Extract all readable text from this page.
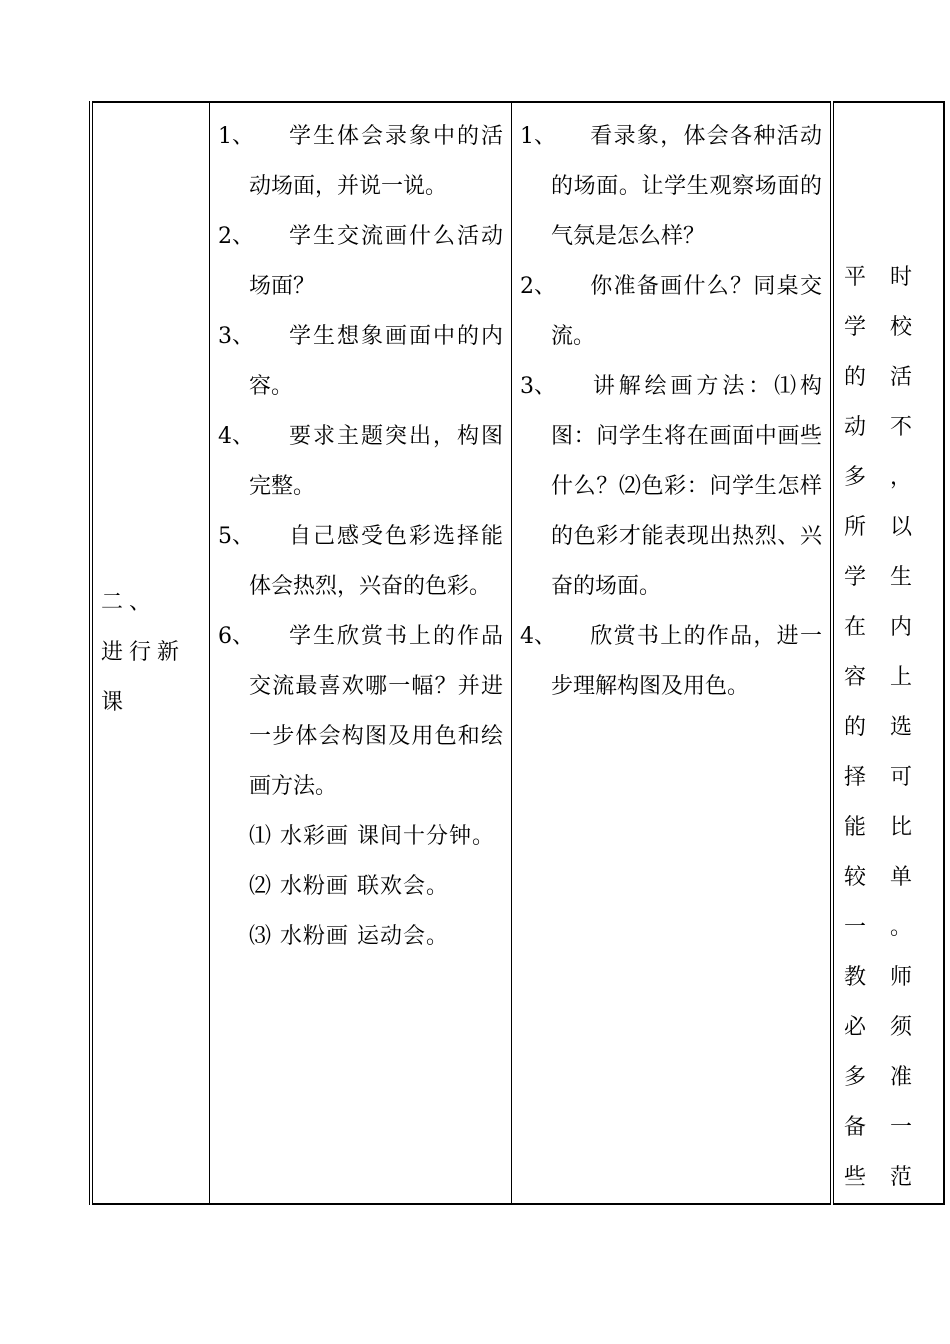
二、
进行新课

1、 学生体会录象中的活动场面，并说一说。
2、 学生交流画什么活动场面？
3、 学生想象画面中的内容。
4、 要求主题突出，构图完整。
5、 自己感受色彩选择能体会热烈，兴奋的色彩。
6、 学生欣赏书上的作品交流最喜欢哪一幅？并进一步体会构图及用色和绘画方法。
⑴ 水彩画 课间十分钟。
⑵ 水粉画 联欢会。
⑶ 水粉画 运动会。

1、 看录象，体会各种活动的场面。让学生观察场面的气氛是怎么样？
2、 你准备画什么？同桌交流。
3、 讲解绘画方法：⑴构图：问学生将在画面中画些什么？⑵色彩：问学生怎样的色彩才能表现出热烈、兴奋的场面。
4、 欣赏书上的作品，进一步理解构图及用色。

平时学校的活动不多，所以学生在内容上的选择可能比较单一。教师必须多准备一些范
